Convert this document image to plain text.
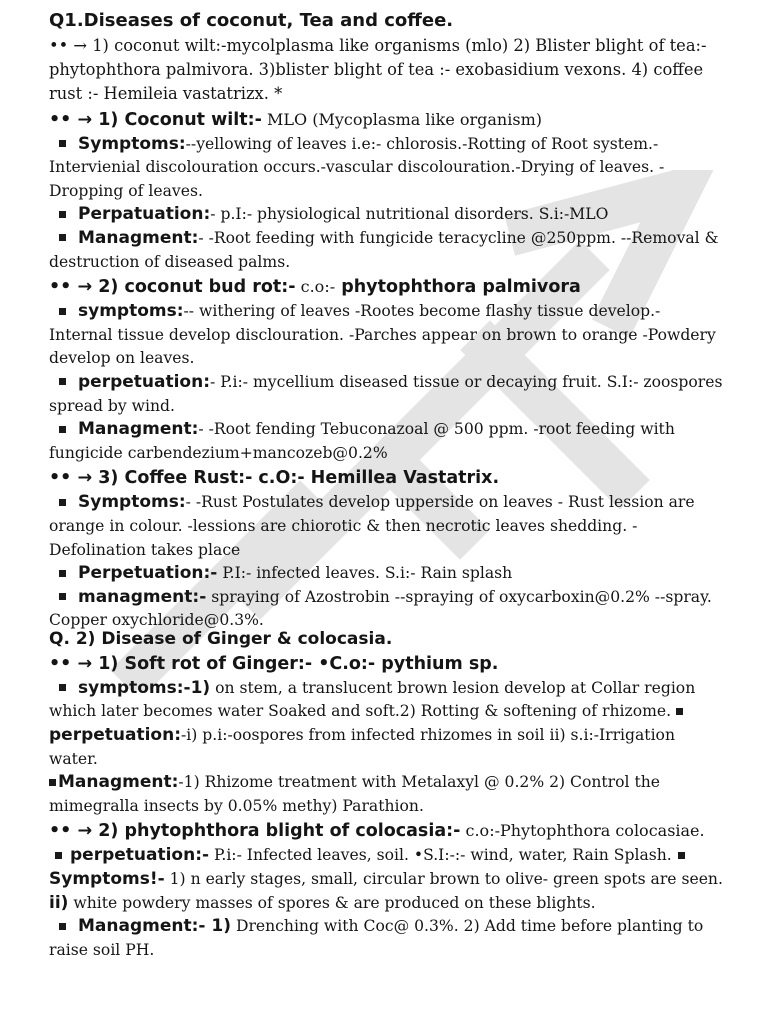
Q1.Diseases of coconut, Tea and coffee.

•• → 1) coconut wilt:-mycolplasma like organisms (mlo) 2) Blister blight of tea:-phytophthora palmivora. 3)blister blight of tea :- exobasidium vexons. 4) coffee rust :- Hemileia vastatrizx. *

•• → 1) Coconut wilt:- MLO (Mycoplasma like organism)

Symptoms:--yellowing of leaves i.e:- chlorosis.-Rotting of Root system.-Intervienial discolouration occurs.-vascular discolouration.-Drying of leaves. -Dropping of leaves.

Perpatuation:- p.I:- physiological nutritional disorders. S.i:-MLO

Managment:- -Root feeding with fungicide teracycline @250ppm. --Removal & destruction of diseased palms.

•• → 2) coconut bud rot:- c.o:- phytophthora palmivora

symptoms:-- withering of leaves -Rootes become flashy tissue develop.- Internal tissue develop disclouration. -Parches appear on brown to orange -Powdery develop on leaves.

perpetuation:- P.i:- mycellium diseased tissue or decaying fruit. S.I:- zoospores spread by wind.

Managment:- -Root fending Tebuconazoal @ 500 ppm. -root feeding with fungicide carbendezium+mancozeb@0.2%

•• → 3) Coffee Rust:- c.O:- Hemillea Vastatrix.

Symptoms:- -Rust Postulates develop upperside on leaves - Rust lession are orange in colour. -lessions are chiorotic & then necrotic leaves shedding. -Defolination takes place

Perpetuation:- P.I:- infected leaves. S.i:- Rain splash

managment:- spraying of Azostrobin --spraying of oxycarboxin@0.2% --spray. Copper oxychloride@0.3%.

Q. 2) Disease of Ginger & colocasia.

•• → 1) Soft rot of Ginger:- •C.o:- pythium sp.

symptoms:-1) on stem, a translucent brown lesion develop at Collar region which later becomes water Soaked and soft.2) Rotting & softening of rhizome. perpetuation:-i) p.i:-oospores from infected rhizomes in soil ii) s.i:-Irrigation water.

Managment:-1) Rhizome treatment with Metalaxyl @ 0.2% 2) Control the mimegralla insects by 0.05% methy) Parathion.

•• → 2) phytophthora blight of colocasia:- c.o:-Phytophthora colocasiae.

perpetuation:- P.i:- Infected leaves, soil. •S.I:-:- wind, water, Rain Splash.Symptoms!- 1) n early stages, small, circular brown to olive- green spots are seen. ii) white powdery masses of spores & are produced on these blights.

Managment:- 1) Drenching with Coc@ 0.3%. 2) Add time before planting to raise soil PH.
